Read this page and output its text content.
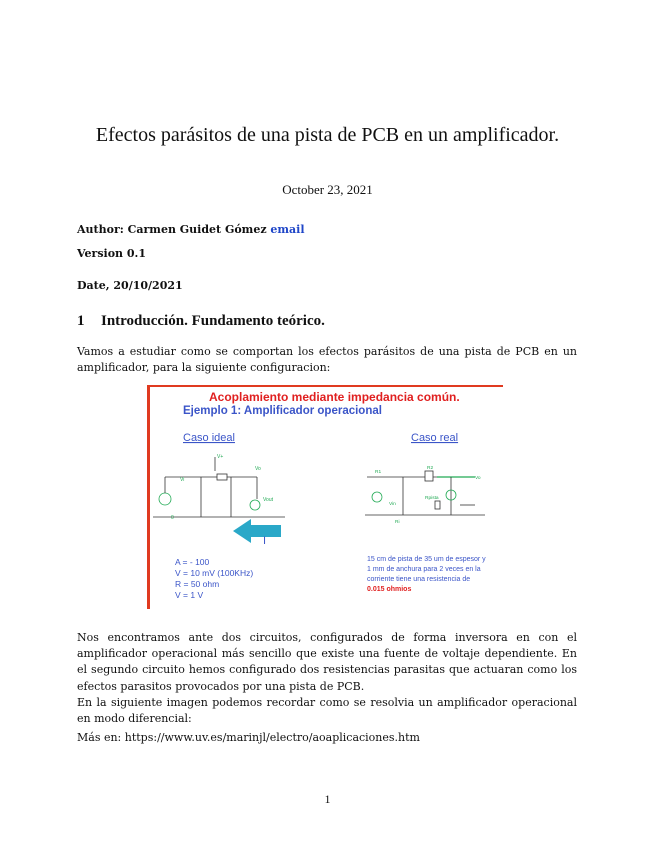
Efectos parásitos de una pista de PCB en un amplificador.
October 23, 2021
Author: Carmen Guidet Gómez email
Version 0.1
Date, 20/10/2021
1 Introducción. Fundamento teórico.
Vamos a estudiar como se comportan los efectos parásitos de una pista de PCB en un amplificador, para la siguiente configuracion:
Acoplamiento mediante impedancia común.
Ejemplo 1: Amplificador operacional
Caso ideal	Caso real
V+
Vo
Vi
0
Vout
I
R1
R2
Vo
Rpista
Vin
Ri
A = - 100
V = 10 mV (100KHz)
R = 50 ohm
V = 1 V
15 cm de pista de 35 um de espesor y
1 mm de anchura para 2 veces en la
corriente tiene una resistencia de
0.015 ohmios
Nos encontramos ante dos circuitos, configurados de forma inversora en con el amplificador operacional más sencillo que existe una fuente de voltaje dependiente. En el segundo circuito hemos configurado dos resistencias parasitas que actuaran como los efectos parasitos provocados por una pista de PCB.
En la siguiente imagen podemos recordar como se resolvia un amplificador operacional en modo diferencial:
Más en: https://www.uv.es/marinjl/electro/aoaplicaciones.htm
1
